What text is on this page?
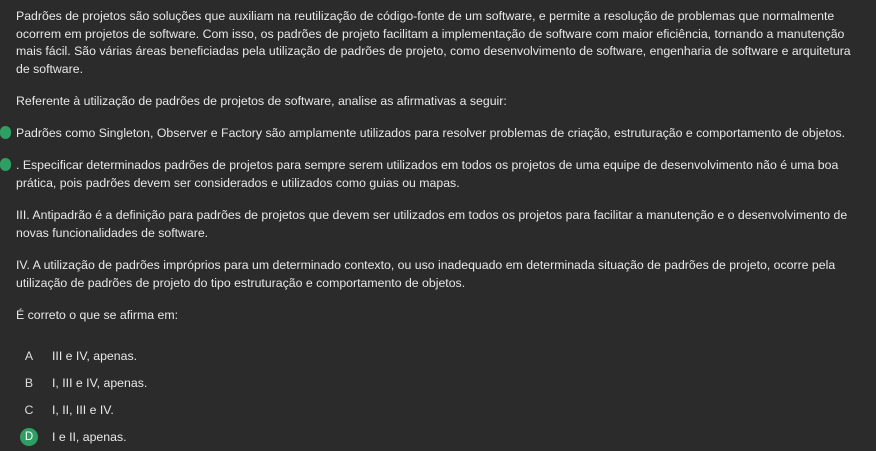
Padrões de projetos são soluções que auxiliam na reutilização de código-fonte de um software, e permite a resolução de problemas que normalmente ocorrem em projetos de software. Com isso, os padrões de projeto facilitam a implementação de software com maior eficiência, tornando a manutenção mais fácil. São várias áreas beneficiadas pela utilização de padrões de projeto, como desenvolvimento de software, engenharia de software e arquitetura de software.

Referente à utilização de padrões de projetos de software, analise as afirmativas a seguir:

Padrões como Singleton, Observer e Factory são amplamente utilizados para resolver problemas de criação, estruturação e comportamento de objetos.
. Especificar determinados padrões de projetos para sempre serem utilizados em todos os projetos de uma equipe de desenvolvimento não é uma boa prática, pois padrões devem ser considerados e utilizados como guias ou mapas.
III. Antipadrão é a definição para padrões de projetos que devem ser utilizados em todos os projetos para facilitar a manutenção e o desenvolvimento de novas funcionalidades de software.
IV. A utilização de padrões impróprios para um determinado contexto, ou uso inadequado em determinada situação de padrões de projeto, ocorre pela utilização de padrões de projeto do tipo estruturação e comportamento de objetos.

É correto o que se afirma em:

A	III e IV, apenas.
B	I, III e IV, apenas.
C	I, II, III e IV.
D	I e II, apenas.
